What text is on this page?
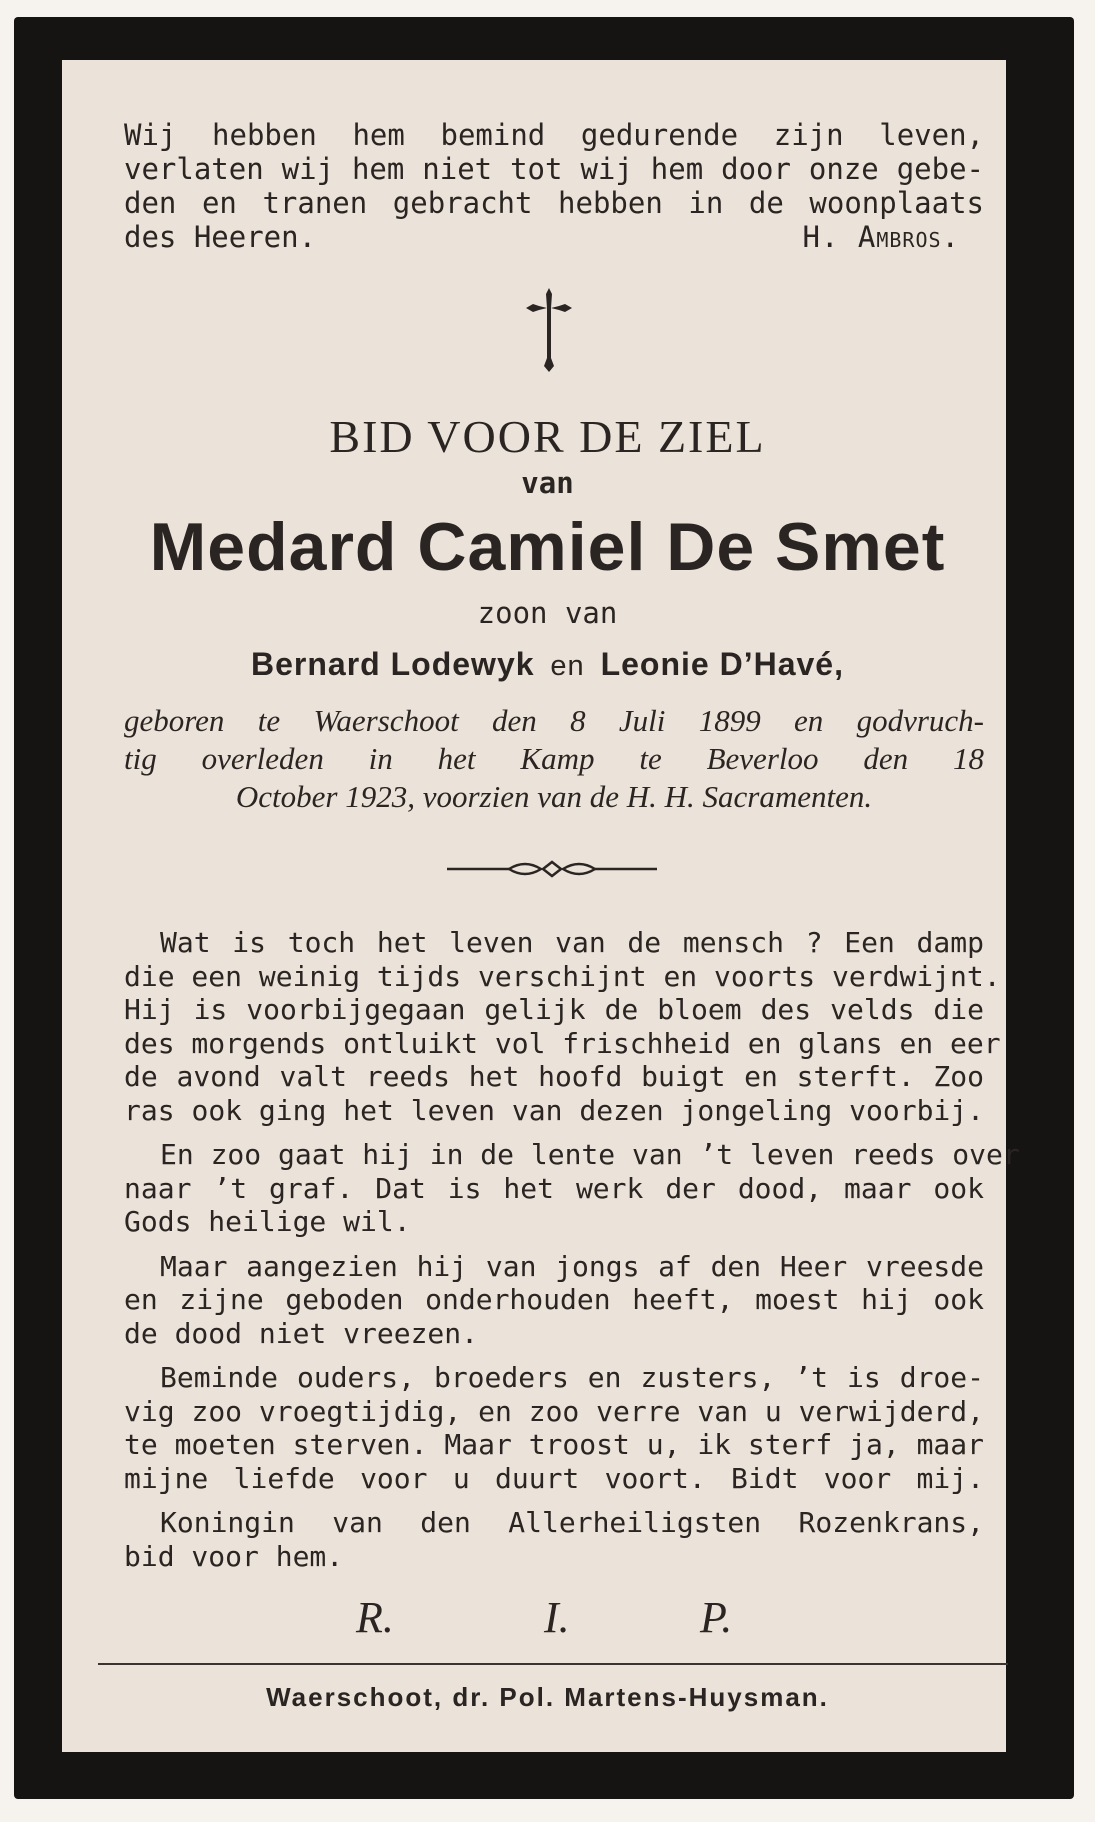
Wij hebben hem bemind gedurende zijn leven,
verlaten wij hem niet tot wij hem door onze gebe-
den en tranen gebracht hebben in de woonplaats
des Heeren.	H. Ambros.
BID VOOR DE ZIEL
van
Medard Camiel De Smet
zoon van
Bernard Lodewyk en Leonie D’Havé,
geboren te Waerschoot den 8 Juli 1899 en godvruch-
tig overleden in het Kamp te Beverloo den 18
October 1923, voorzien van de H. H. Sacramenten.
Wat is toch het leven van de mensch ? Een damp
die een weinig tijds verschijnt en voorts verdwijnt.
Hij is voorbijgegaan gelijk de bloem des velds die
des morgends ontluikt vol frischheid en glans en eer
de avond valt reeds het hoofd buigt en sterft. Zoo
ras ook ging het leven van dezen jongeling voorbij.
En zoo gaat hij in de lente van ’t leven reeds over
naar ’t graf. Dat is het werk der dood, maar ook
Gods heilige wil.
Maar aangezien hij van jongs af den Heer vreesde
en zijne geboden onderhouden heeft, moest hij ook
de dood niet vreezen.
Beminde ouders, broeders en zusters, ’t is droe-
vig zoo vroegtijdig, en zoo verre van u verwijderd,
te moeten sterven. Maar troost u, ik sterf ja, maar
mijne liefde voor u duurt voort. Bidt voor mij.
Koningin van den Allerheiligsten Rozenkrans,
bid voor hem.
R.	I.	P.
Waerschoot, dr. Pol. Martens-Huysman.
